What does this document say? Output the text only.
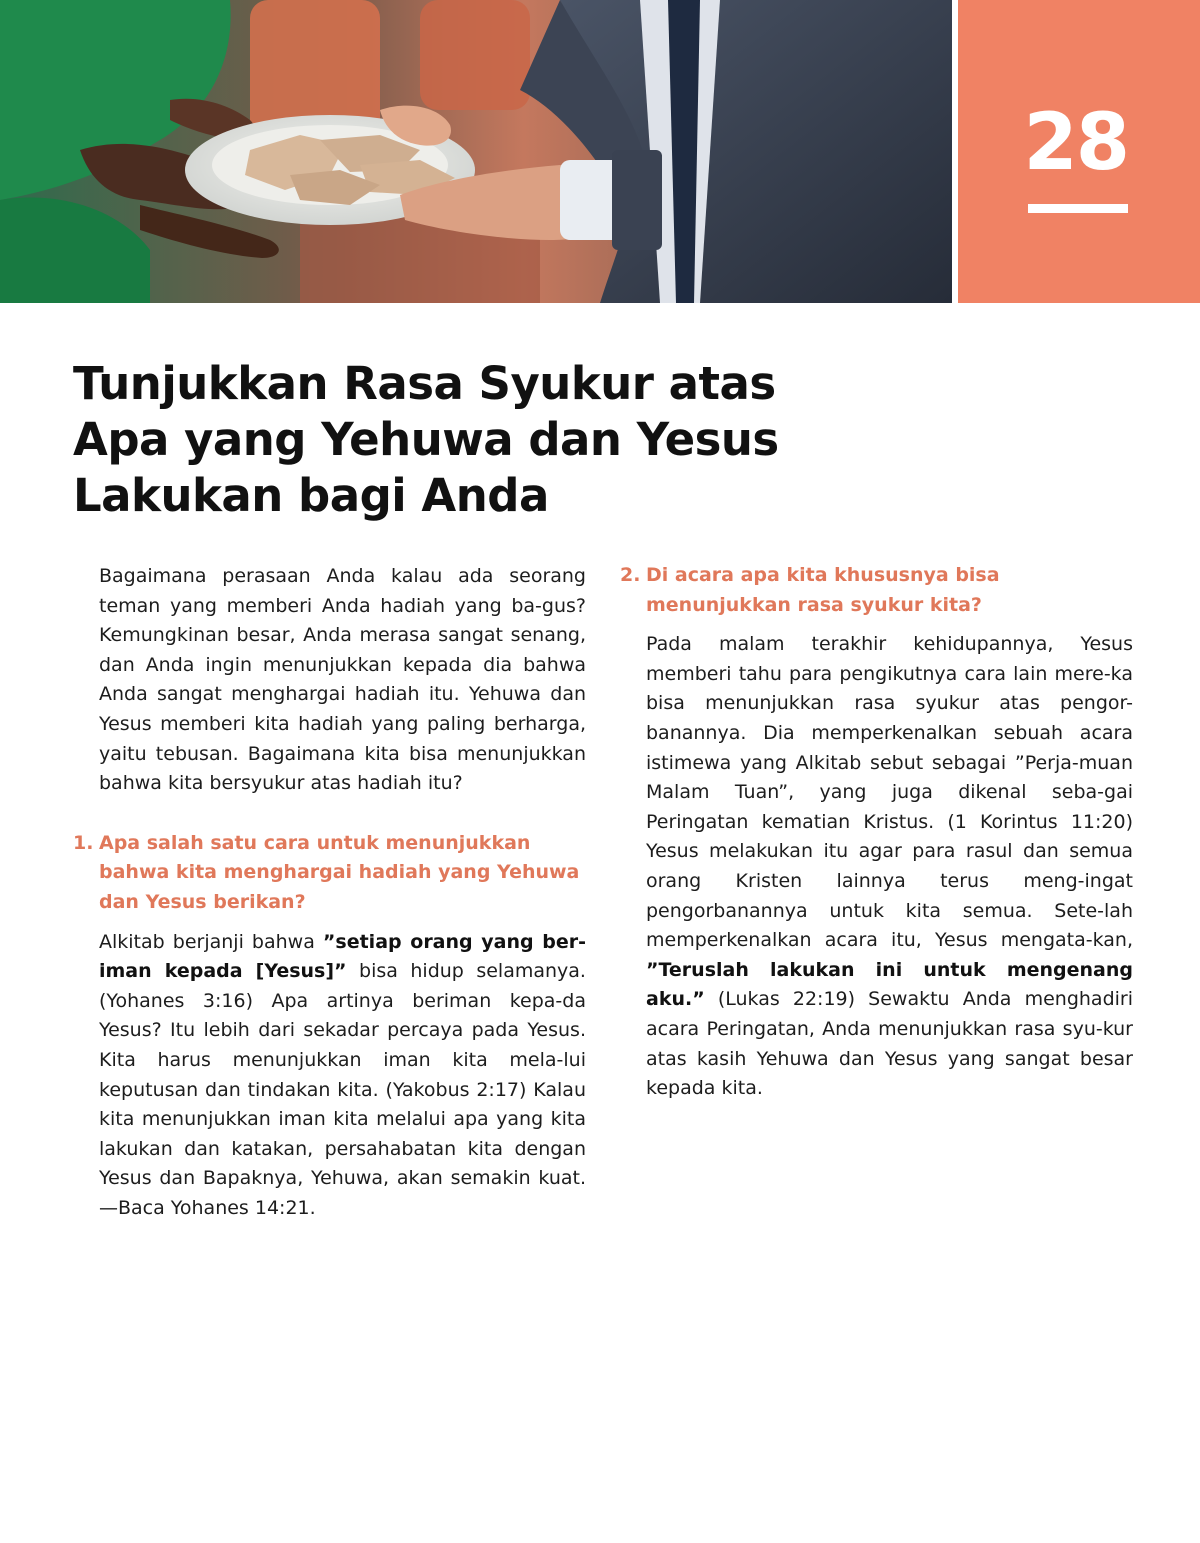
28
Tunjukkan Rasa Syukur atas Apa yang Yehuwa dan Yesus Lakukan bagi Anda

Bagaimana perasaan Anda kalau ada seorang teman yang memberi Anda hadiah yang ba-gus? Kemungkinan besar, Anda merasa sangat senang, dan Anda ingin menunjukkan kepada dia bahwa Anda sangat menghargai hadiah itu. Yehuwa dan Yesus memberi kita hadiah yang paling berharga, yaitu tebusan. Bagaimana kita bisa menunjukkan bahwa kita bersyukur atas hadiah itu?

1. Apa salah satu cara untuk menunjukkan bahwa kita menghargai hadiah yang Yehuwa dan Yesus berikan?

Alkitab berjanji bahwa ”setiap orang yang ber-iman kepada [Yesus]” bisa hidup selamanya. (Yohanes 3:16) Apa artinya beriman kepa-da Yesus? Itu lebih dari sekadar percaya pada Yesus. Kita harus menunjukkan iman kita mela-lui keputusan dan tindakan kita. (Yakobus 2:17) Kalau kita menunjukkan iman kita melalui apa yang kita lakukan dan katakan, persahabatan kita dengan Yesus dan Bapaknya, Yehuwa, akan semakin kuat.—Baca Yohanes 14:21.

2. Di acara apa kita khususnya bisa menunjukkan rasa syukur kita?

Pada malam terakhir kehidupannya, Yesus memberi tahu para pengikutnya cara lain mere-ka bisa menunjukkan rasa syukur atas pengor-banannya. Dia memperkenalkan sebuah acara istimewa yang Alkitab sebut sebagai ”Perja-muan Malam Tuan”, yang juga dikenal seba-gai Peringatan kematian Kristus. (1 Korintus 11:20) Yesus melakukan itu agar para rasul dan semua orang Kristen lainnya terus meng-ingat pengorbanannya untuk kita semua. Sete-lah memperkenalkan acara itu, Yesus mengata-kan, ”Teruslah lakukan ini untuk mengenang aku.” (Lukas 22:19) Sewaktu Anda menghadiri acara Peringatan, Anda menunjukkan rasa syu-kur atas kasih Yehuwa dan Yesus yang sangat besar kepada kita.
